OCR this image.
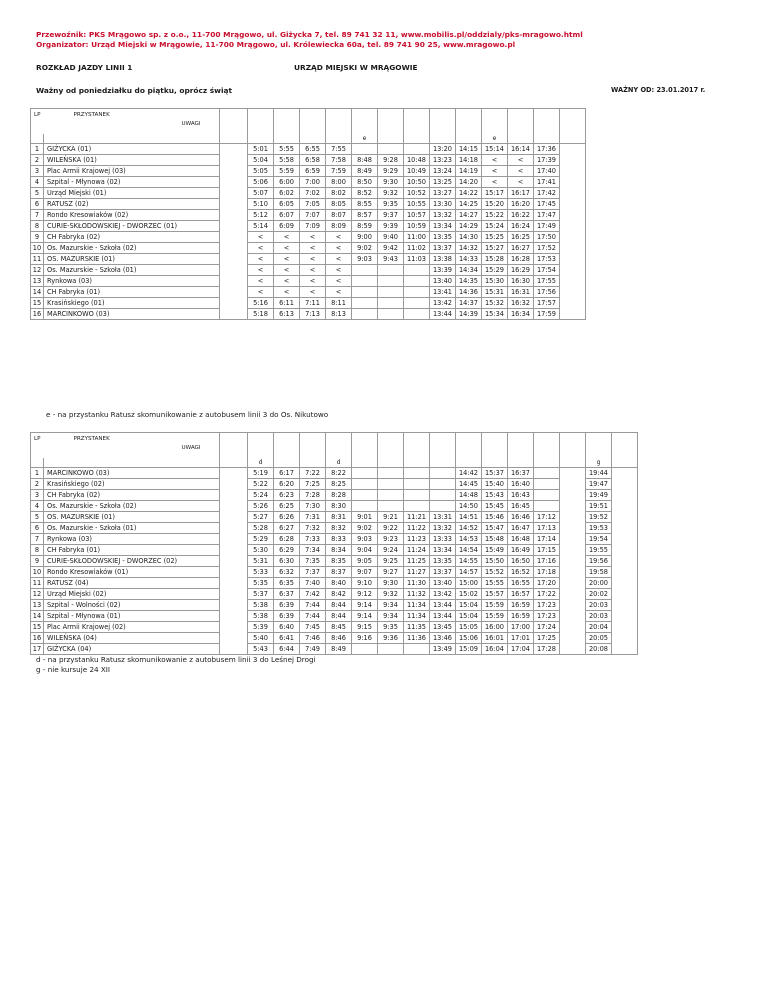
Przewoźnik: PKS Mrągowo sp. z o.o., 11-700 Mrągowo, ul. Giżycka 7, tel. 89 741 32 11, www.mobilis.pl/oddzialy/pks-mragowo.html
Organizator: Urząd Miejski w Mrągowie, 11-700 Mrągowo, ul. Królewiecka 60a, tel. 89 741 90 25, www.mragowo.pl
ROZKŁAD JAZDY LINII 1	URZĄD MIEJSKI W MRĄGOWIE
Ważny od poniedziałku do piątku, oprócz świąt	WAŻNY OD: 23.01.2017 r.
LP	PRZYSTANEK
UWAGI														

							e					e			
1	GIŻYCKA (01)		5:01	5:55	6:55	7:55				13:20	14:15	15:14	16:14	17:36	
2	WILEŃSKA (01)		5:04	5:58	6:58	7:58	8:48	9:28	10:48	13:23	14:18	<	<	17:39	
3	Plac Armii Krajowej (03)		5:05	5:59	6:59	7:59	8:49	9:29	10:49	13:24	14:19	<	<	17:40	
4	Szpital - Młynowa (02)		5:06	6:00	7:00	8:00	8:50	9:30	10:50	13:25	14:20	<	<	17:41	
5	Urząd Miejski (01)		5:07	6:02	7:02	8:02	8:52	9:32	10:52	13:27	14:22	15:17	16:17	17:42	
6	RATUSZ (02)		5:10	6:05	7:05	8:05	8:55	9:35	10:55	13:30	14:25	15:20	16:20	17:45	
7	Rondo Kresowiaków (02)		5:12	6:07	7:07	8:07	8:57	9:37	10:57	13:32	14:27	15:22	16:22	17:47	
8	CURIE-SKŁODOWSKIEJ - DWORZEC (01)		5:14	6:09	7:09	8:09	8:59	9:39	10:59	13:34	14:29	15:24	16:24	17:49	
9	CH Fabryka (02)		<	<	<	<	9:00	9:40	11:00	13:35	14:30	15:25	16:25	17:50	
10	Os. Mazurskie - Szkoła (02)		<	<	<	<	9:02	9:42	11:02	13:37	14:32	15:27	16:27	17:52	
11	OS. MAZURSKIE (01)		<	<	<	<	9:03	9:43	11:03	13:38	14:33	15:28	16:28	17:53	
12	Os. Mazurskie - Szkoła (01)		<	<	<	<				13:39	14:34	15:29	16:29	17:54	
13	Rynkowa (03)		<	<	<	<				13:40	14:35	15:30	16:30	17:55	
14	CH Fabryka (01)		<	<	<	<				13:41	14:36	15:31	16:31	17:56	
15	Krasińskiego (01)		5:16	6:11	7:11	8:11				13:42	14:37	15:32	16:32	17:57	
16	MARCINKOWO (03)		5:18	6:13	7:13	8:13				13:44	14:39	15:34	16:34	17:59	
e - na przystanku Ratusz skomunikowanie z autobusem linii 3 do Os. Nikutowo
LP	PRZYSTANEK
UWAGI																

			d			d										g	
1	MARCINKOWO (03)		5:19	6:17	7:22	8:22					14:42	15:37	16:37			19:44	
2	Krasińskiego (02)		5:22	6:20	7:25	8:25					14:45	15:40	16:40			19:47	
3	CH Fabryka (02)		5:24	6:23	7:28	8:28					14:48	15:43	16:43			19:49	
4	Os. Mazurskie - Szkoła (02)		5:26	6:25	7:30	8:30					14:50	15:45	16:45			19:51	
5	OS. MAZURSKIE (01)		5:27	6:26	7:31	8:31	9:01	9:21	11:21	13:31	14:51	15:46	16:46	17:12		19:52	
6	Os. Mazurskie - Szkoła (01)		5:28	6:27	7:32	8:32	9:02	9:22	11:22	13:32	14:52	15:47	16:47	17:13		19:53	
7	Rynkowa (03)		5:29	6:28	7:33	8:33	9:03	9:23	11:23	13:33	14:53	15:48	16:48	17:14		19:54	
8	CH Fabryka (01)		5:30	6:29	7:34	8:34	9:04	9:24	11:24	13:34	14:54	15:49	16:49	17:15		19:55	
9	CURIE-SKŁODOWSKIEJ - DWORZEC (02)		5:31	6:30	7:35	8:35	9:05	9:25	11:25	13:35	14:55	15:50	16:50	17:16		19:56	
10	Rondo Kresowiaków (01)		5:33	6:32	7:37	8:37	9:07	9:27	11:27	13:37	14:57	15:52	16:52	17:18		19:58	
11	RATUSZ (04)		5:35	6:35	7:40	8:40	9:10	9:30	11:30	13:40	15:00	15:55	16:55	17:20		20:00	
12	Urząd Miejski (02)		5:37	6:37	7:42	8:42	9:12	9:32	11:32	13:42	15:02	15:57	16:57	17:22		20:02	
13	Szpital - Wolności (02)		5:38	6:39	7:44	8:44	9:14	9:34	11:34	13:44	15:04	15:59	16:59	17:23		20:03	
14	Szpital - Młynowa (01)		5:38	6:39	7:44	8:44	9:14	9:34	11:34	13:44	15:04	15:59	16:59	17:23		20:03	
15	Plac Armii Krajowej (02)		5:39	6:40	7:45	8:45	9:15	9:35	11:35	13:45	15:05	16:00	17:00	17:24		20:04	
16	WILEŃSKA (04)		5:40	6:41	7:46	8:46	9:16	9:36	11:36	13:46	15:06	16:01	17:01	17:25		20:05	
17	GIŻYCKA (04)		5:43	6:44	7:49	8:49				13:49	15:09	16:04	17:04	17:28		20:08	
d - na przystanku Ratusz skomunikowanie z autobusem linii 3 do Leśnej Drogi
g - nie kursuje 24 XII
